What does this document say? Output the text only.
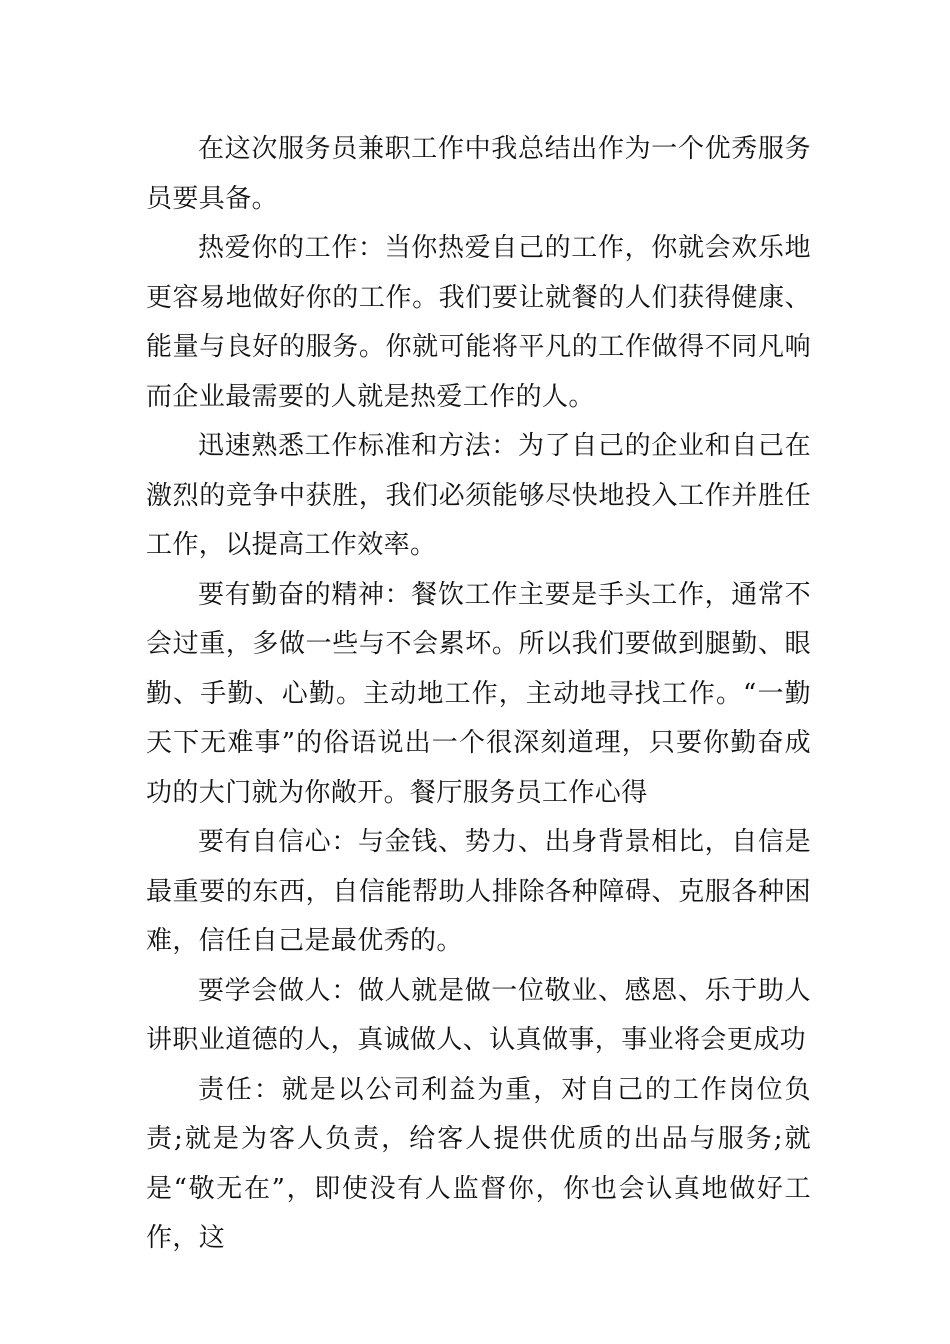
在这次服务员兼职工作中我总结出作为一个优秀服务员要具备。

热爱你的工作：当你热爱自己的工作，你就会欢乐地更容易地做好你的工作。我们要让就餐的人们获得健康、能量与良好的服务。你就可能将平凡的工作做得不同凡响而企业最需要的人就是热爱工作的人。

迅速熟悉工作标准和方法：为了自己的企业和自己在激烈的竞争中获胜，我们必须能够尽快地投入工作并胜任工作，以提高工作效率。

要有勤奋的精神：餐饮工作主要是手头工作，通常不会过重，多做一些与不会累坏。所以我们要做到腿勤、眼勤、手勤、心勤。主动地工作，主动地寻找工作。“一勤天下无难事”的俗语说出一个很深刻道理，只要你勤奋成功的大门就为你敞开。餐厅服务员工作心得

要有自信心：与金钱、势力、出身背景相比，自信是最重要的东西，自信能帮助人排除各种障碍、克服各种困难，信任自己是最优秀的。

要学会做人：做人就是做一位敬业、感恩、乐于助人讲职业道德的人，真诚做人、认真做事，事业将会更成功

责任：就是以公司利益为重，对自己的工作岗位负责;就是为客人负责，给客人提供优质的出品与服务;就是“敬无在”，即使没有人监督你，你也会认真地做好工作，这
